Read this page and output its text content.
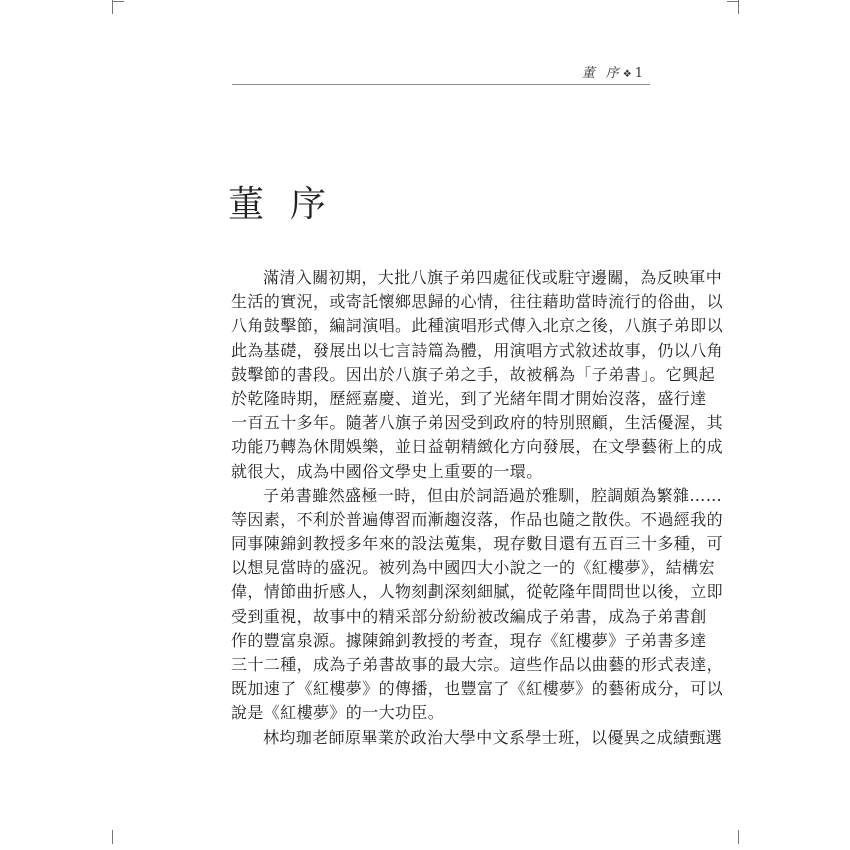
董 序 ❖ 1
董 序
滿清入關初期，大批八旗子弟四處征伐或駐守邊關，為反映軍中
生活的實況，或寄託懷鄉思歸的心情，往往藉助當時流行的俗曲，以
八角鼓擊節，編詞演唱。此種演唱形式傳入北京之後，八旗子弟即以
此為基礎，發展出以七言詩篇為體，用演唱方式敘述故事，仍以八角
鼓擊節的書段。因出於八旗子弟之手，故被稱為「子弟書」。它興起
於乾隆時期，歷經嘉慶、道光，到了光緒年間才開始沒落，盛行達
一百五十多年。隨著八旗子弟因受到政府的特別照顧，生活優渥，其
功能乃轉為休閒娛樂，並日益朝精緻化方向發展，在文學藝術上的成
就很大，成為中國俗文學史上重要的一環。
子弟書雖然盛極一時，但由於詞語過於雅馴，腔調頗為繁雜……
等因素，不利於普遍傳習而漸趨沒落，作品也隨之散佚。不過經我的
同事陳錦釗教授多年來的設法蒐集，現存數目還有五百三十多種，可
以想見當時的盛況。被列為中國四大小說之一的《紅樓夢》，結構宏
偉，情節曲折感人，人物刻劃深刻細膩，從乾隆年間問世以後，立即
受到重視，故事中的精采部分紛紛被改編成子弟書，成為子弟書創
作的豐富泉源。據陳錦釗教授的考查，現存《紅樓夢》子弟書多達
三十二種，成為子弟書故事的最大宗。這些作品以曲藝的形式表達，
既加速了《紅樓夢》的傳播，也豐富了《紅樓夢》的藝術成分，可以
說是《紅樓夢》的一大功臣。
林均珈老師原畢業於政治大學中文系學士班，以優異之成績甄選
